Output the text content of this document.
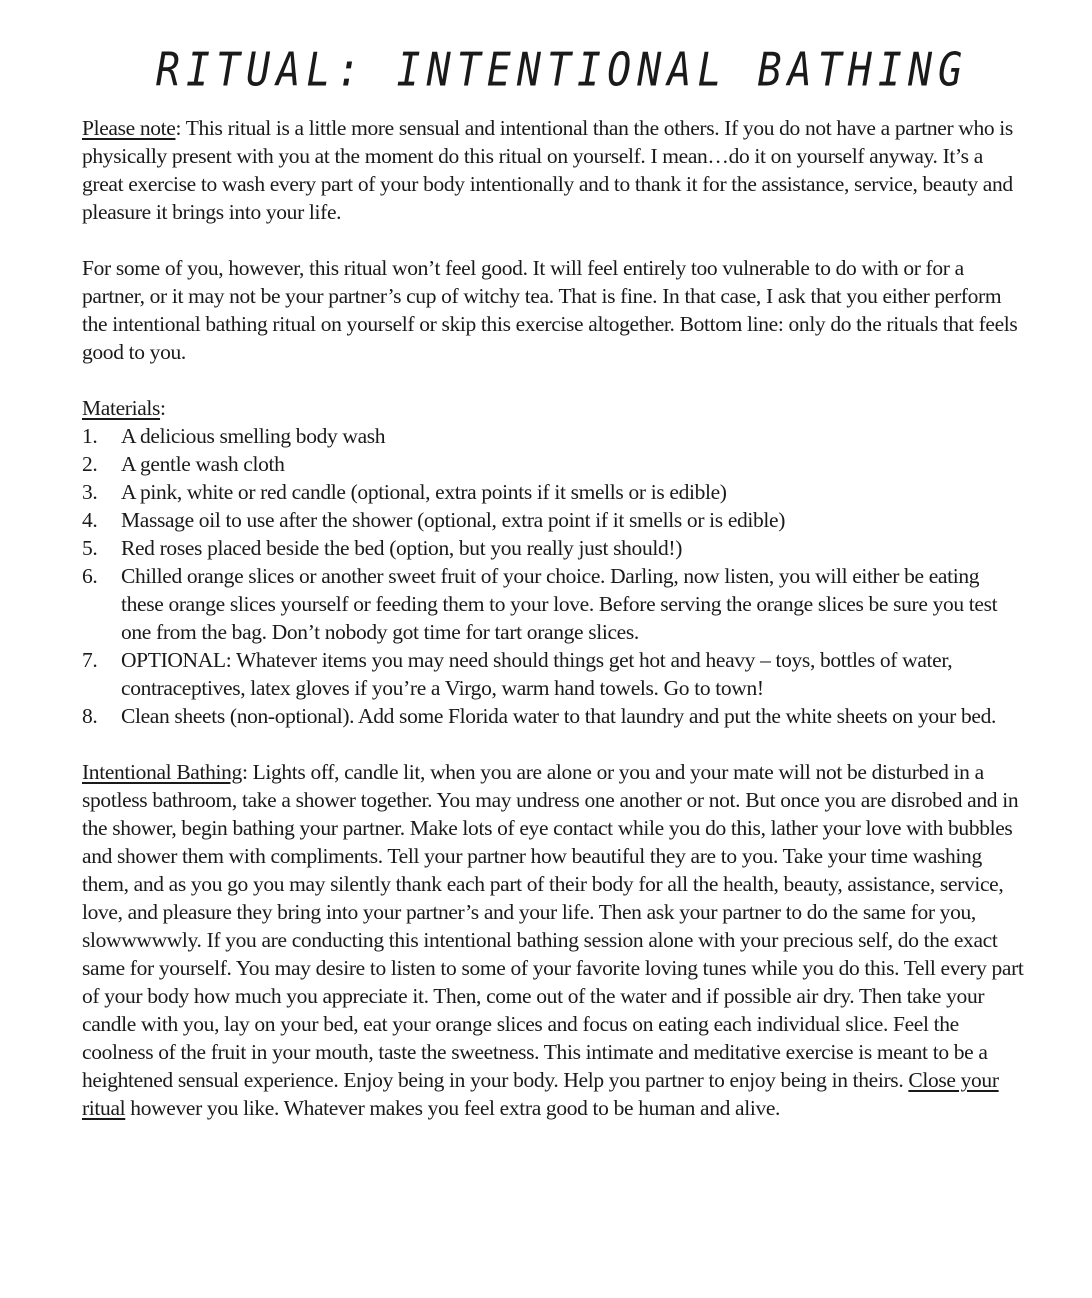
RITUAL: INTENTIONAL BATHING

Please note: This ritual is a little more sensual and intentional than the others. If you do not have a partner who is physically present with you at the moment do this ritual on yourself. I mean…do it on yourself anyway. It’s a great exercise to wash every part of your body intentionally and to thank it for the assistance, service, beauty and pleasure it brings into your life.

For some of you, however, this ritual won’t feel good. It will feel entirely too vulnerable to do with or for a partner, or it may not be your partner’s cup of witchy tea. That is fine. In that case, I ask that you either perform the intentional bathing ritual on yourself or skip this exercise altogether. Bottom line: only do the rituals that feels good to you.

Materials:

1. A delicious smelling body wash
2. A gentle wash cloth
3. A pink, white or red candle (optional, extra points if it smells or is edible)
4. Massage oil to use after the shower (optional, extra point if it smells or is edible)
5. Red roses placed beside the bed (option, but you really just should!)
6. Chilled orange slices or another sweet fruit of your choice. Darling, now listen, you will either be eating these orange slices yourself or feeding them to your love. Before serving the orange slices be sure you test one from the bag. Don’t nobody got time for tart orange slices.
7. OPTIONAL: Whatever items you may need should things get hot and heavy – toys, bottles of water, contraceptives, latex gloves if you’re a Virgo, warm hand towels. Go to town!
8. Clean sheets (non-optional). Add some Florida water to that laundry and put the white sheets on your bed.

Intentional Bathing: Lights off, candle lit, when you are alone or you and your mate will not be disturbed in a spotless bathroom, take a shower together. You may undress one another or not. But once you are disrobed and in the shower, begin bathing your partner. Make lots of eye contact while you do this, lather your love with bubbles and shower them with compliments. Tell your partner how beautiful they are to you. Take your time washing them, and as you go you may silently thank each part of their body for all the health, beauty, assistance, service, love, and pleasure they bring into your partner’s and your life. Then ask your partner to do the same for you, slowwwwwly. If you are conducting this intentional bathing session alone with your precious self, do the exact same for yourself. You may desire to listen to some of your favorite loving tunes while you do this. Tell every part of your body how much you appreciate it. Then, come out of the water and if possible air dry. Then take your candle with you, lay on your bed, eat your orange slices and focus on eating each individual slice. Feel the coolness of the fruit in your mouth, taste the sweetness. This intimate and meditative exercise is meant to be a heightened sensual experience. Enjoy being in your body. Help you partner to enjoy being in theirs. Close your ritual however you like. Whatever makes you feel extra good to be human and alive.
